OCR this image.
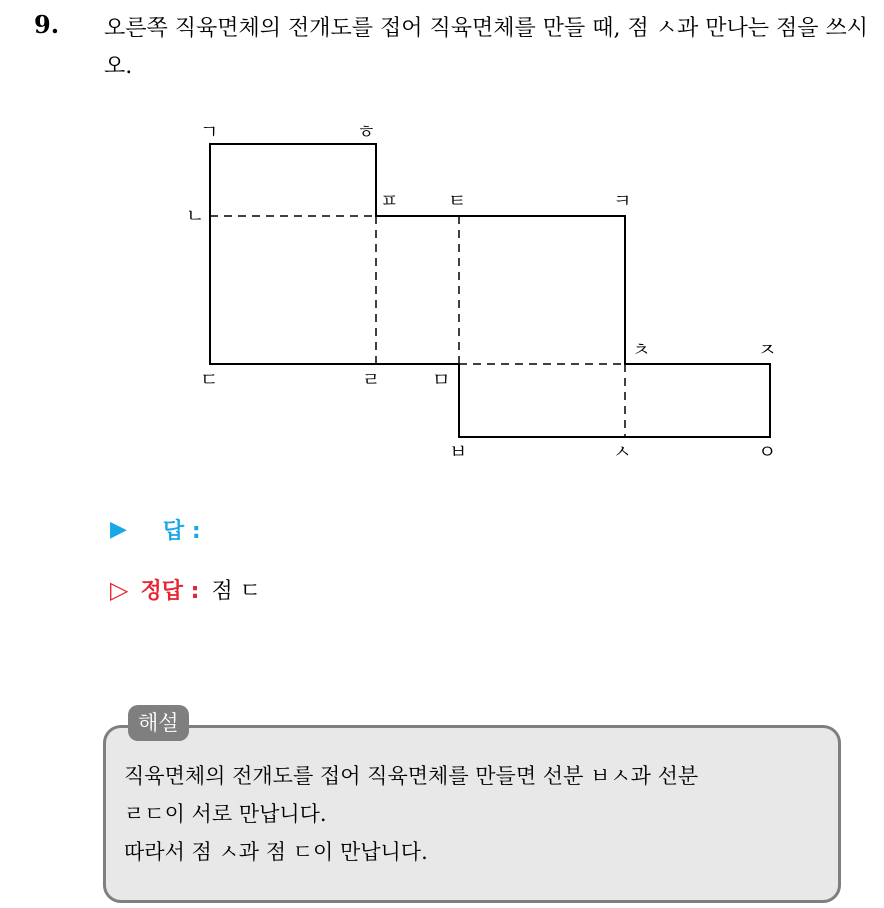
9. 오른쪽 직육면체의 전개도를 접어 직육면체를 만들 때, 점 ㅅ과 만나는 점을 쓰시오.
ㄱ	ㅎ
ㄴ
ㅍ	ㅌ	ㅋ
ㅊ	ㅈ
ㄷ	ㄹ	ㅁ
ㅂ	ㅅ	ㅇ
▶ 답 :
▷ 정답 : 점 ㄷ
해설
직육면체의 전개도를 접어 직육면체를 만들면 선분 ㅂㅅ과 선분
ㄹㄷ이 서로 만납니다.
따라서 점 ㅅ과 점 ㄷ이 만납니다.
